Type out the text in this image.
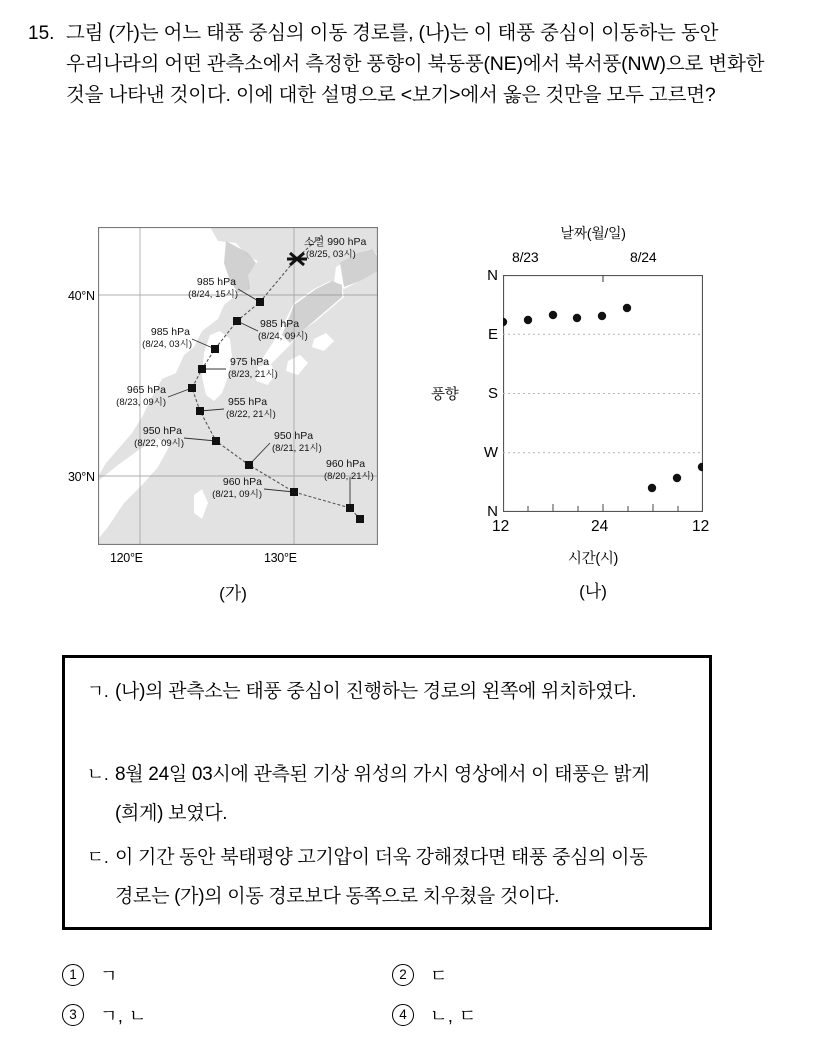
15. 그림 (가)는 어느 태풍 중심의 이동 경로를, (나)는 이 태풍 중심이 이동하는 동안 우리나라의 어떤 관측소에서 측정한 풍향이 북동풍(NE)에서 북서풍(NW)으로 변화한 것을 나타낸 것이다. 이에 대한 설명으로 <보기>에서 옳은 것만을 모두 고르면?
소멸 990 hPa
(8/25, 03시)
985 hPa
(8/24, 15시)
985 hPa
(8/24, 09시)
985 hPa
(8/24, 03시)
975 hPa
(8/23, 21시)
965 hPa
(8/23, 09시)	955 hPa
(8/22, 21시)
950 hPa
(8/22, 09시)
950 hPa
(8/21, 21시)
960 hPa
(8/21, 09시)
960 hPa
(8/20, 21시)
40°N
30°N
120°E	130°E
(가)
날짜(월/일)
8/23	8/24
N
E
S
W
N
풍향
12	24	12
시간(시)
(나)
ㄱ. (나)의 관측소는 태풍 중심이 진행하는 경로의 왼쪽에 위치하였다.
ㄴ. 8월 24일 03시에 관측된 기상 위성의 가시 영상에서 이 태풍은 밝게(희게) 보였다.
ㄷ. 이 기간 동안 북태평양 고기압이 더욱 강해졌다면 태풍 중심의 이동 경로는 (가)의 이동 경로보다 동쪽으로 치우쳤을 것이다.
1	ㄱ	2	ㄷ
3	ㄱ, ㄴ	4	ㄴ, ㄷ
